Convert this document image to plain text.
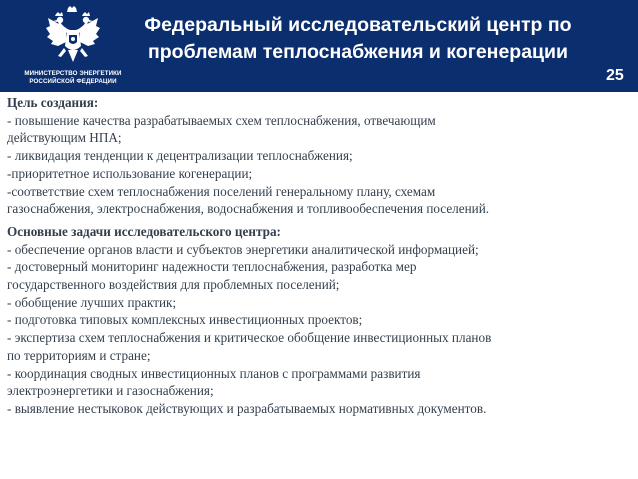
МИНИСТЕРСТВО ЭНЕРГЕТИКИ
РОССИЙСКОЙ ФЕДЕРАЦИИ
Федеральный исследовательский центр по
проблемам теплоснабжения и когенерации
25
Цель создания:
- повышение качества разрабатываемых схем теплоснабжения, отвечающим
действующим НПА;
- ликвидация тенденции к децентрализации теплоснабжения;
-приоритетное использование когенерации;
-соответствие схем теплоснабжения поселений генеральному плану, схемам
газоснабжения, электроснабжения, водоснабжения и топливообеспечения поселений.
Основные задачи исследовательского центра:
- обеспечение органов власти и субъектов энергетики аналитической информацией;
- достоверный мониторинг надежности теплоснабжения, разработка мер
государственного воздействия для проблемных поселений;
- обобщение лучших практик;
- подготовка типовых комплексных инвестиционных проектов;
- экспертиза схем теплоснабжения и критическое обобщение инвестиционных планов
по территориям и стране;
- координация сводных инвестиционных планов с программами развития
электроэнергетики и газоснабжения;
- выявление нестыковок действующих и разрабатываемых нормативных документов.
